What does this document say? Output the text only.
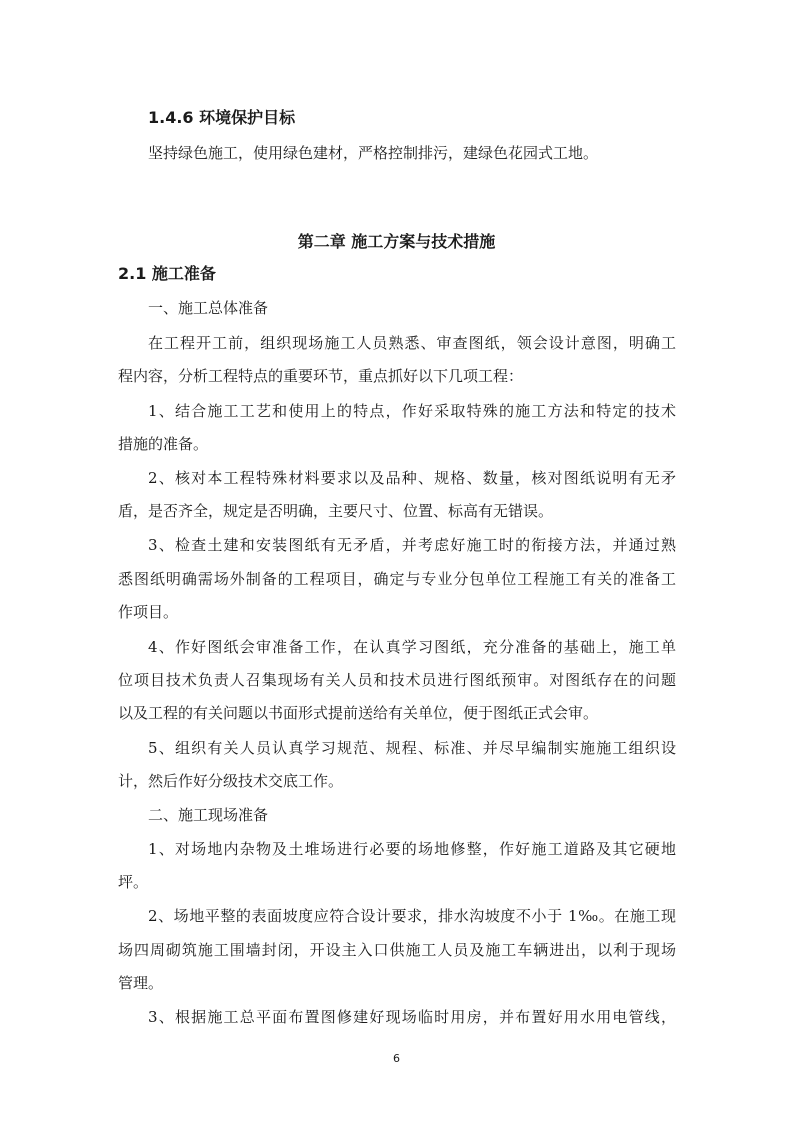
1.4.6 环境保护目标
坚持绿色施工，使用绿色建材，严格控制排污，建绿色花园式工地。
第二章 施工方案与技术措施
2.1 施工准备
一、施工总体准备
在工程开工前，组织现场施工人员熟悉、审查图纸，领会设计意图，明确工
程内容，分析工程特点的重要环节，重点抓好以下几项工程：
1、结合施工工艺和使用上的特点，作好采取特殊的施工方法和特定的技术
措施的准备。
2、核对本工程特殊材料要求以及品种、规格、数量，核对图纸说明有无矛
盾，是否齐全，规定是否明确，主要尺寸、位置、标高有无错误。
3、检查土建和安装图纸有无矛盾，并考虑好施工时的衔接方法，并通过熟
悉图纸明确需场外制备的工程项目，确定与专业分包单位工程施工有关的准备工
作项目。
4、作好图纸会审准备工作，在认真学习图纸，充分准备的基础上，施工单
位项目技术负责人召集现场有关人员和技术员进行图纸预审。对图纸存在的问题
以及工程的有关问题以书面形式提前送给有关单位，便于图纸正式会审。
5、组织有关人员认真学习规范、规程、标准、并尽早编制实施施工组织设
计，然后作好分级技术交底工作。
二、施工现场准备
1、对场地内杂物及土堆场进行必要的场地修整，作好施工道路及其它硬地
坪。
2、场地平整的表面坡度应符合设计要求，排水沟坡度不小于 1‰。在施工现
场四周砌筑施工围墙封闭，开设主入口供施工人员及施工车辆进出，以利于现场
管理。
3、根据施工总平面布置图修建好现场临时用房，并布置好用水用电管线，
6
